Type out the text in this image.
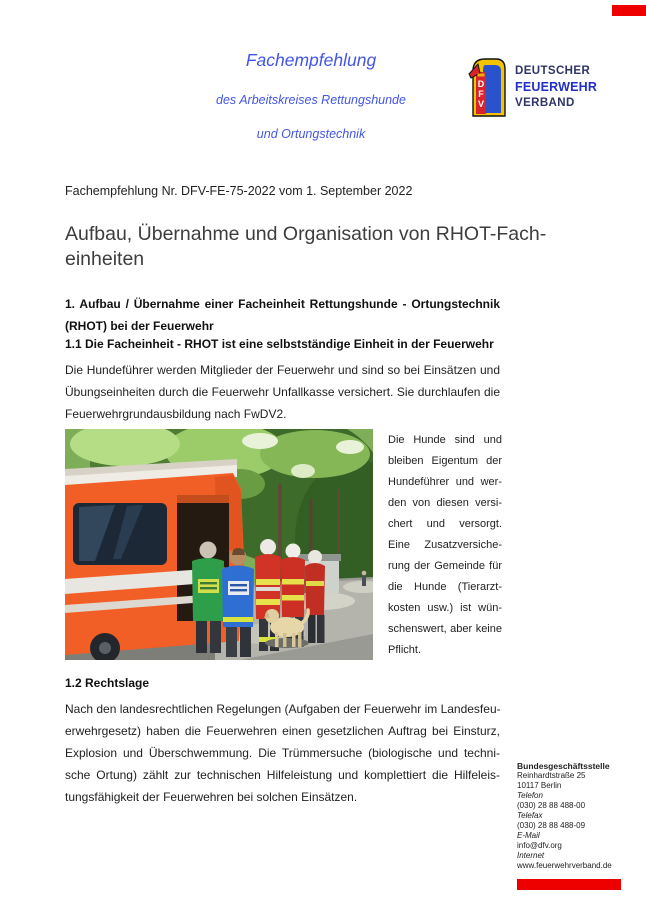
Fachempfehlung
des Arbeitskreises Rettungshunde
und Ortungstechnik
D
F
V
DEUTSCHER
FEUERWEHR
VERBAND
Fachempfehlung Nr. DFV-FE-75-2022 vom 1. September 2022
Aufbau, Übernahme und Organisation von RHOT-Fach-
einheiten
1. Aufbau / Übernahme einer Facheinheit Rettungshunde - Ortungstechnik
(RHOT) bei der Feuerwehr
1.1 Die Facheinheit - RHOT ist eine selbstständige Einheit in der Feuerwehr
Die Hundeführer werden Mitglieder der Feuerwehr und sind so bei Einsätzen und
Übungseinheiten durch die Feuerwehr Unfallkasse versichert. Sie durchlaufen die
Feuerwehrgrundausbildung nach FwDV2.
Die Hunde sind und
bleiben Eigentum der
Hundeführer und wer-
den von diesen versi-
chert und versorgt.
Eine Zusatzversiche-
rung der Gemeinde für
die Hunde (Tierarzt-
kosten usw.) ist wün-
schenswert, aber keine
Pflicht.
1.2 Rechtslage
Nach den landesrechtlichen Regelungen (Aufgaben der Feuerwehr im Landesfeu-
erwehrgesetz) haben die Feuerwehren einen gesetzlichen Auftrag bei Einsturz,
Explosion und Überschwemmung. Die Trümmersuche (biologische und techni-
sche Ortung) zählt zur technischen Hilfeleistung und komplettiert die Hilfeleis-
tungsfähigkeit der Feuerwehren bei solchen Einsätzen.
Bundesgeschäftsstelle
Reinhardtstraße 25
10117 Berlin
Telefon
(030) 28 88 488-00
Telefax
(030) 28 88 488-09
E-Mail
info@dfv.org
Internet
www.feuerwehrverband.de
